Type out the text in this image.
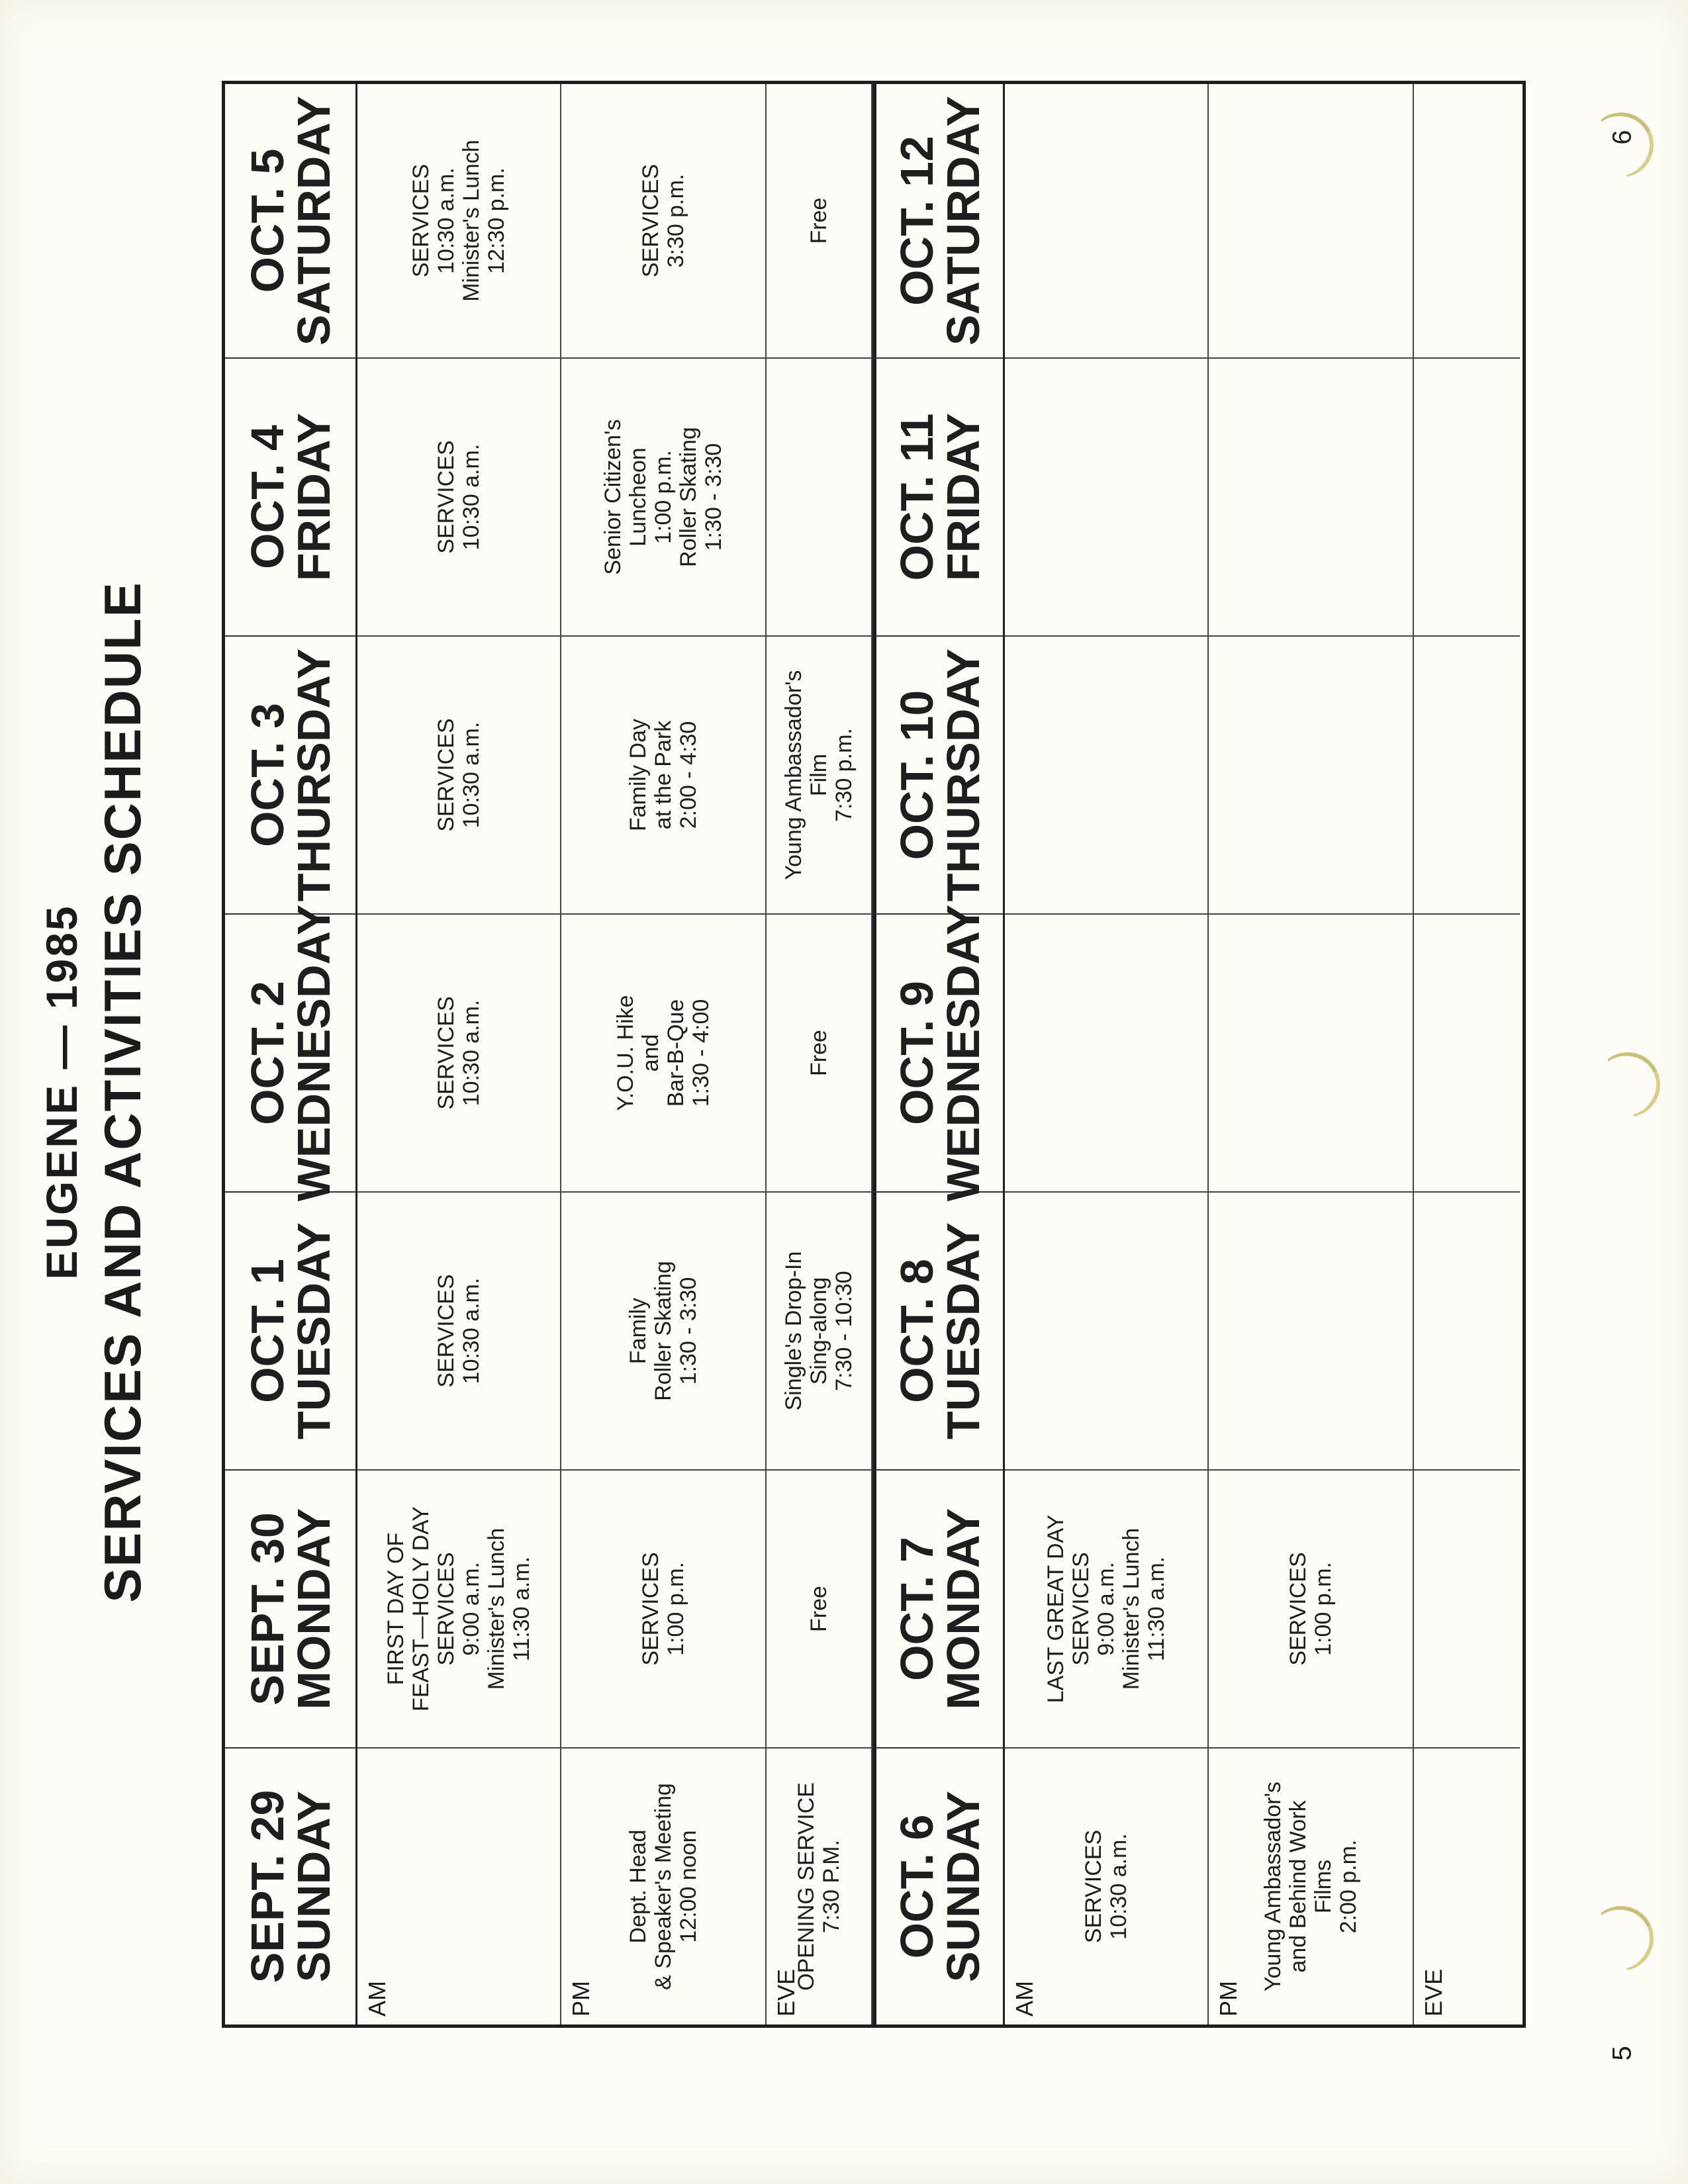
6
5
EUGENE — 1985 SERVICES AND ACTIVITIES SCHEDULE
SEPT. 29
SUNDAY
SEPT. 30
MONDAY
OCT. 1
TUESDAY
OCT. 2
WEDNESDAY
OCT. 3
THURSDAY
OCT. 4
FRIDAY
OCT. 5
SATURDAY
AM
FIRST DAY OF FEAST—HOLY DAY SERVICES 9:00 a.m. Minister's Lunch 11:30 a.m.
SERVICES 10:30 a.m.
SERVICES 10:30 a.m.
SERVICES 10:30 a.m.
SERVICES 10:30 a.m.
SERVICES 10:30 a.m. Minister's Lunch 12:30 p.m.
PM
Dept. Head & Speaker's Meeting 12:00 noon
SERVICES 1:00 p.m.
Family Roller Skating 1:30 - 3:30
Y.O.U. Hike and Bar-B-Que 1:30 - 4:00
Family Day at the Park 2:00 - 4:30
Senior Citizen's Luncheon 1:00 p.m. Roller Skating 1:30 - 3:30
SERVICES 3:30 p.m.
EVE
OPENING SERVICE 7:30 P.M.
Free
Single's Drop-In Sing-along 7:30 - 10:30
Free
Young Ambassador's Film 7:30 p.m.
Free
OCT. 6
SUNDAY
OCT. 7
MONDAY
OCT. 8
TUESDAY
OCT. 9
WEDNESDAY
OCT. 10
THURSDAY
OCT. 11
FRIDAY
OCT. 12
SATURDAY
AM
SERVICES 10:30 a.m.
LAST GREAT DAY SERVICES 9:00 a.m. Minister's Lunch 11:30 a.m.
PM
Young Ambassador's and Behind Work Films 2:00 p.m.
SERVICES 1:00 p.m.
EVE
